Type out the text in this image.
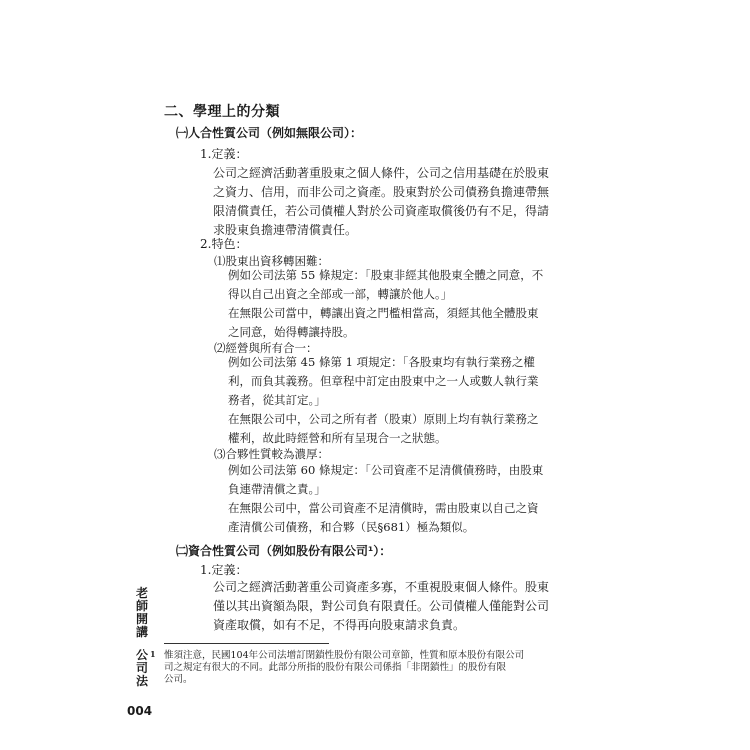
二、學理上的分類
㈠人合性質公司（例如無限公司）：
1.定義：
公司之經濟活動著重股東之個人條件，公司之信用基礎在於股東
之資力、信用，而非公司之資產。股東對於公司債務負擔連帶無
限清償責任，若公司債權人對於公司資產取償後仍有不足，得請
求股東負擔連帶清償責任。
2.特色：
⑴股東出資移轉困難：
例如公司法第 55 條規定：「股東非經其他股東全體之同意，不
得以自己出資之全部或一部，轉讓於他人。」
在無限公司當中，轉讓出資之門檻相當高，須經其他全體股東
之同意，始得轉讓持股。
⑵經營與所有合一：
例如公司法第 45 條第 1 項規定：「各股東均有執行業務之權
利，而負其義務。但章程中訂定由股東中之一人或數人執行業
務者，從其訂定。」
在無限公司中，公司之所有者（股東）原則上均有執行業務之
權利，故此時經營和所有呈現合一之狀態。
⑶合夥性質較為濃厚：
例如公司法第 60 條規定：「公司資產不足清償債務時，由股東
負連帶清償之責。」
在無限公司中，當公司資產不足清償時，需由股東以自己之資
產清償公司債務，和合夥（民§681）極為類似。
㈡資合性質公司（例如股份有限公司¹）：
1.定義：
公司之經濟活動著重公司資產多寡，不重視股東個人條件。股東
僅以其出資額為限，對公司負有限責任。公司債權人僅能對公司
資產取償，如有不足，不得再向股東請求負責。
1 惟須注意，民國104年公司法增訂閉鎖性股份有限公司章節，性質和原本股份有限公司
司之規定有很大的不同。此部分所指的股份有限公司係指「非閉鎖性」的股份有限
公司。
老
師
開
講
公
司
法
004
